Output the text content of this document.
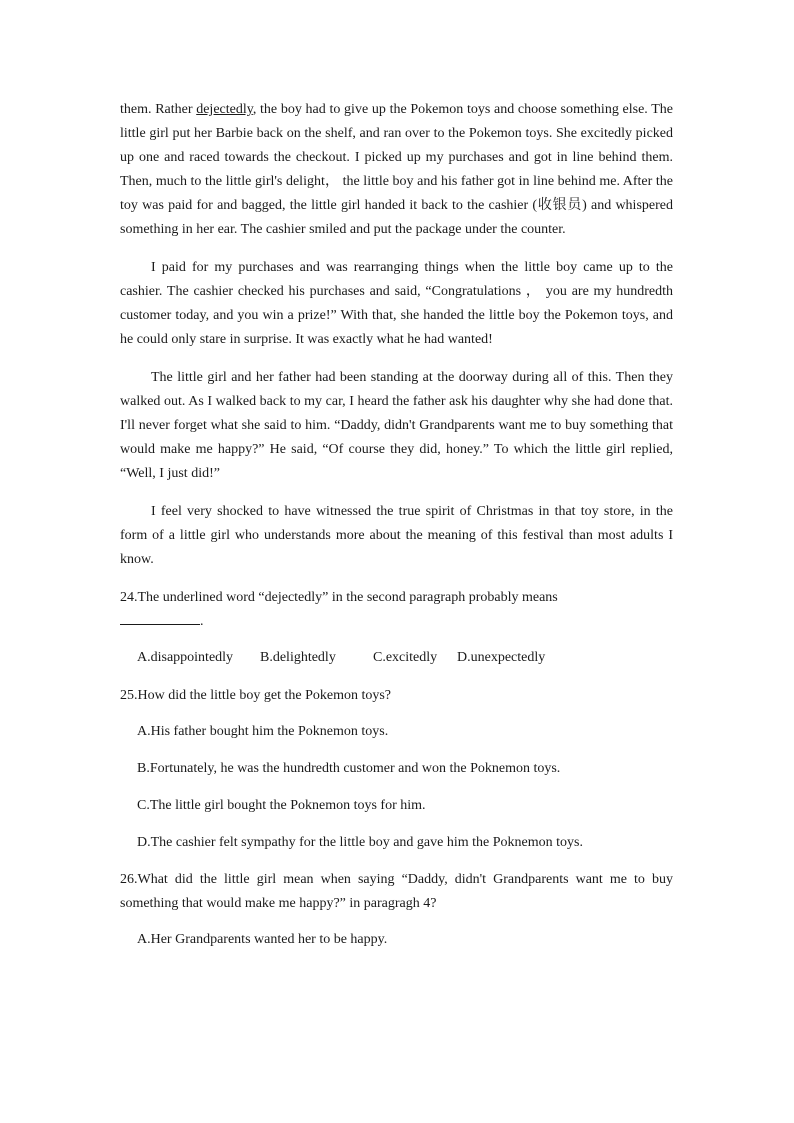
them. Rather dejectedly, the boy had to give up the Pokemon toys and choose something else. The little girl put her Barbie back on the shelf, and ran over to the Pokemon toys. She excitedly picked up one and raced towards the checkout. I picked up my purchases and got in line behind them. Then, much to the little girl's delight， the little boy and his father got in line behind me. After the toy was paid for and bagged, the little girl handed it back to the cashier (收银员) and whispered something in her ear. The cashier smiled and put the package under the counter.

I paid for my purchases and was rearranging things when the little boy came up to the cashier. The cashier checked his purchases and said, “Congratulations ， you are my hundredth customer today, and you win a prize!” With that, she handed the little boy the Pokemon toys, and he could only stare in surprise. It was exactly what he had wanted!

The little girl and her father had been standing at the doorway during all of this. Then they walked out. As I walked back to my car, I heard the father ask his daughter why she had done that. I'll never forget what she said to him. “Daddy, didn't Grandparents want me to buy something that would make me happy?” He said, “Of course they did, honey.” To which the little girl replied, “Well, I just did!”

I feel very shocked to have witnessed the true spirit of Christmas in that toy store, in the form of a little girl who understands more about the meaning of this festival than most adults I know.

24.The underlined word “dejectedly” in the second paragraph probably means
.
A.disappointedly B.delightedly	C.excitedly D.unexpectedly
25.How did the little boy get the Pokemon toys?
A.His father bought him the Poknemon toys.
B.Fortunately, he was the hundredth customer and won the Poknemon toys.
C.The little girl bought the Poknemon toys for him.
D.The cashier felt sympathy for the little boy and gave him the Poknemon toys.
26.What did the little girl mean when saying “Daddy, didn't Grandparents want me to buy something that would make me happy?” in paragragh 4?
A.Her Grandparents wanted her to be happy.
